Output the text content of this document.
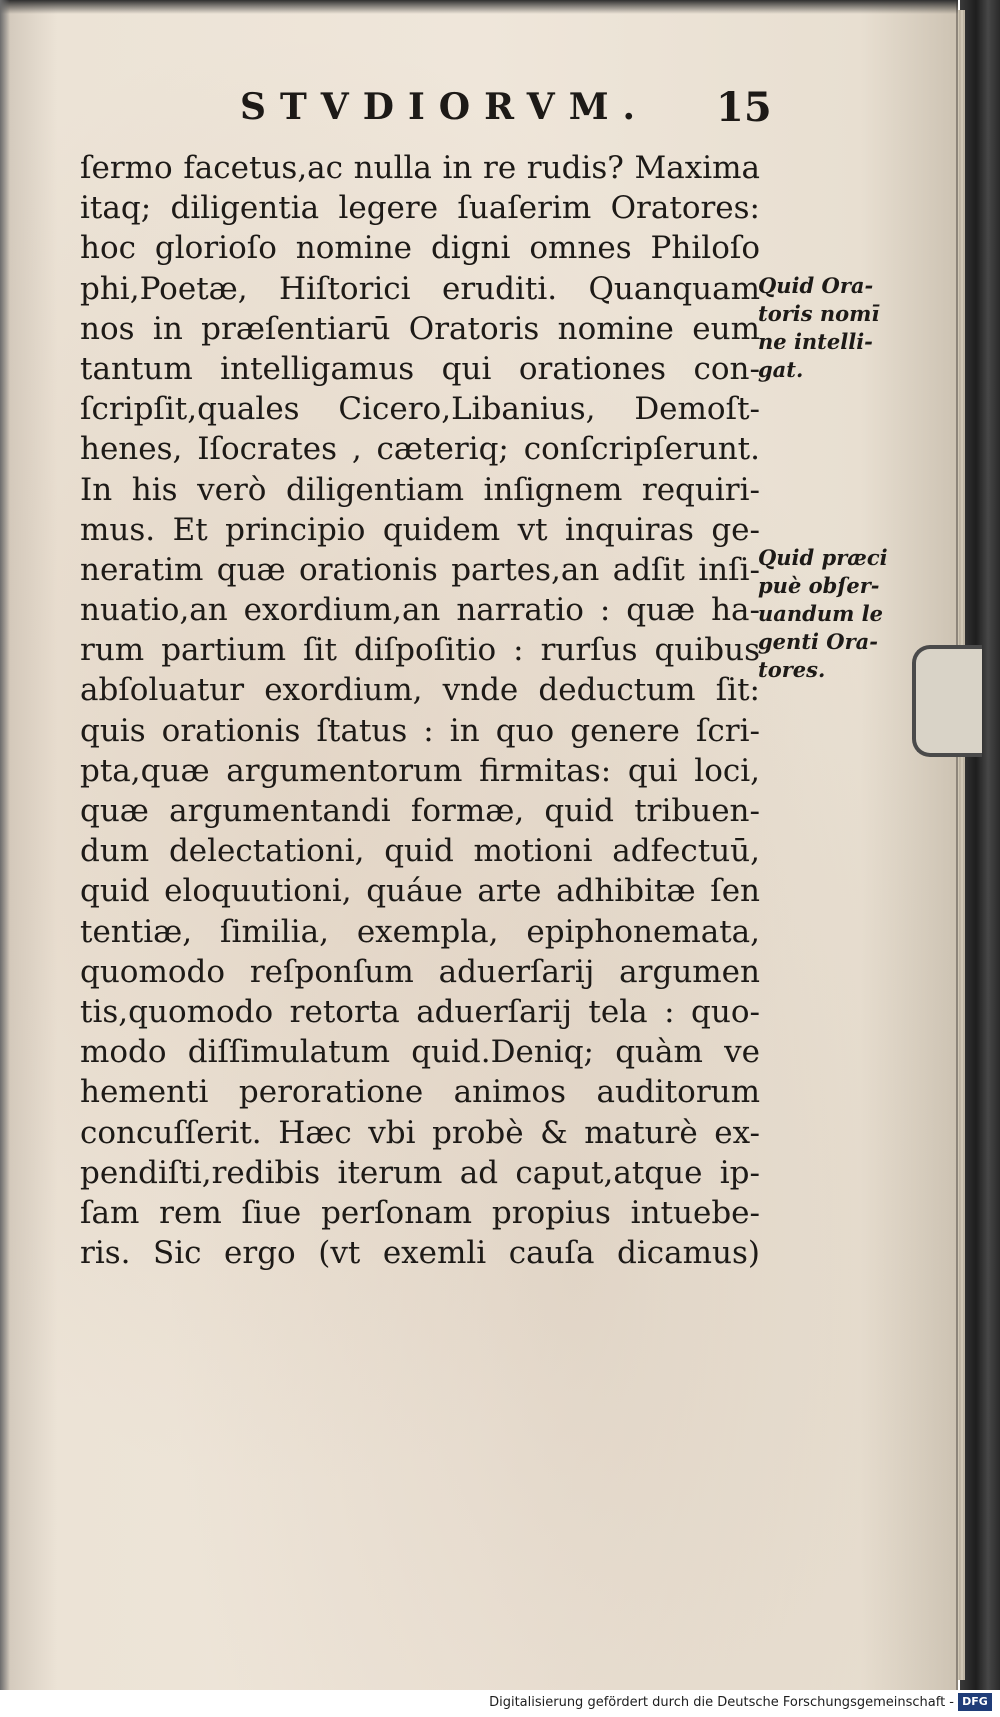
STVDIORVM. 15
ſermo facetus,ac nulla in re rudis? Maxima
itaq; diligentia legere ſuaſerim Oratores:
hoc glorioſo nomine digni omnes Philoſo
phi,Poetæ, Hiſtorici eruditi. Quanquam
nos in præſentiarū Oratoris nomine eum
tantum intelligamus qui orationes con-
ſcripſit,quales Cicero,Libanius, Demoſt-
henes, Iſocrates , cæteriq; conſcripſerunt.
In his verò diligentiam inſignem requiri-
mus. Et principio quidem vt inquiras ge-
neratim quæ orationis partes,an adſit inſi-
nuatio,an exordium,an narratio : quæ ha-
rum partium ſit diſpoſitio : rurſus quibus
abſoluatur exordium, vnde deductum ſit:
quis orationis ſtatus : in quo genere ſcri-
pta,quæ argumentorum firmitas: qui loci,
quæ argumentandi formæ, quid tribuen-
dum delectationi, quid motioni adfectuū,
quid eloquutioni, quáue arte adhibitæ ſen
tentiæ, ſimilia, exempla, epiphonemata,
quomodo reſponſum aduerſarij argumen
tis,quomodo retorta aduerſarij tela : quo-
modo diſſimulatum quid.Deniq; quàm ve
hementi peroratione animos auditorum
concuſſerit. Hæc vbi probè & maturè ex-
pendiſti,redibis iterum ad caput,atque ip-
ſam rem ſiue perſonam propius intuebe-
ris. Sic ergo (vt exemli cauſa dicamus)
Quid Ora-
toris nomī
ne intelli-
gat.
Quid præci
puè obſer-
uandum le
genti Ora-
tores.
Digitalisierung gefördert durch die Deutsche Forschungsgemeinschaft - DFG
